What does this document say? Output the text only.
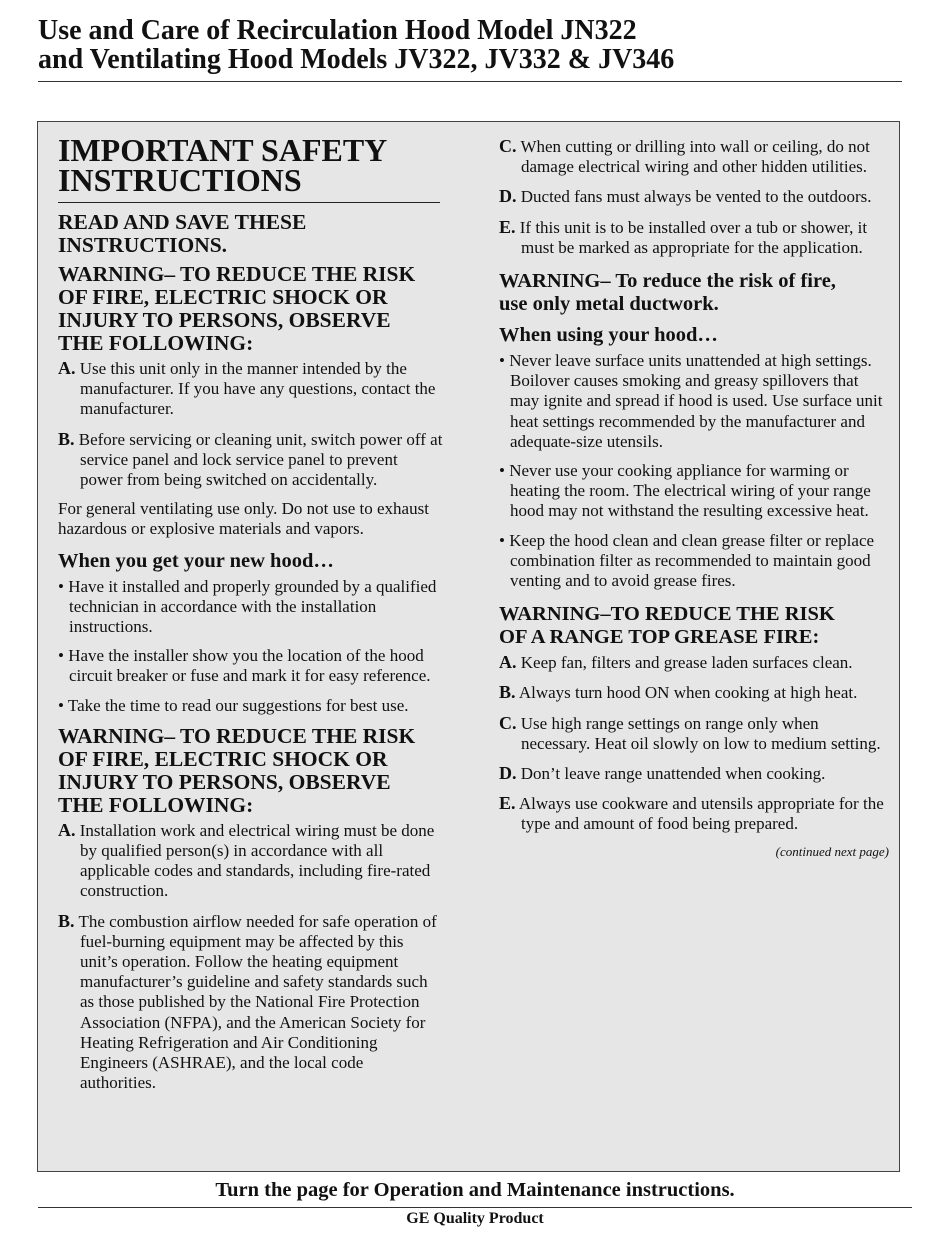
Use and Care of Recirculation Hood Model JN322
and Ventilating Hood Models JV322, JV332 & JV346
IMPORTANT SAFETY
INSTRUCTIONS
READ AND SAVE THESE
INSTRUCTIONS.
WARNING– TO REDUCE THE RISK
OF FIRE, ELECTRIC SHOCK OR
INJURY TO PERSONS, OBSERVE
THE FOLLOWING:
A. Use this unit only in the manner intended by the manufacturer. If you have any questions, contact the manufacturer.
B. Before servicing or cleaning unit, switch power off at service panel and lock service panel to prevent power from being switched on accidentally.
For general ventilating use only. Do not use to exhaust hazardous or explosive materials and vapors.
When you get your new hood…
• Have it installed and properly grounded by a qualified technician in accordance with the installation instructions.
• Have the installer show you the location of the hood circuit breaker or fuse and mark it for easy reference.
• Take the time to read our suggestions for best use.
WARNING– TO REDUCE THE RISK
OF FIRE, ELECTRIC SHOCK OR
INJURY TO PERSONS, OBSERVE
THE FOLLOWING:
A. Installation work and electrical wiring must be done by qualified person(s) in accordance with all applicable codes and standards, including fire-rated construction.
B. The combustion airflow needed for safe operation of fuel-burning equipment may be affected by this unit’s operation. Follow the heating equipment manufacturer’s guideline and safety standards such as those published by the National Fire Protection Association (NFPA), and the American Society for Heating Refrigeration and Air Conditioning Engineers (ASHRAE), and the local code authorities.
C. When cutting or drilling into wall or ceiling, do not damage electrical wiring and other hidden utilities.
D. Ducted fans must always be vented to the outdoors.
E. If this unit is to be installed over a tub or shower, it must be marked as appropriate for the application.
WARNING– To reduce the risk of fire,
use only metal ductwork.
When using your hood…
• Never leave surface units unattended at high settings. Boilover causes smoking and greasy spillovers that may ignite and spread if hood is used. Use surface unit heat settings recommended by the manufacturer and adequate-size utensils.
• Never use your cooking appliance for warming or heating the room. The electrical wiring of your range hood may not withstand the resulting excessive heat.
• Keep the hood clean and clean grease filter or replace combination filter as recommended to maintain good venting and to avoid grease fires.
WARNING–TO REDUCE THE RISK
OF A RANGE TOP GREASE FIRE:
A. Keep fan, filters and grease laden surfaces clean.
B. Always turn hood ON when cooking at high heat.
C. Use high range settings on range only when necessary. Heat oil slowly on low to medium setting.
D. Don’t leave range unattended when cooking.
E. Always use cookware and utensils appropriate for the type and amount of food being prepared.
(continued next page)
Turn the page for Operation and Maintenance instructions.
GE Quality Product
